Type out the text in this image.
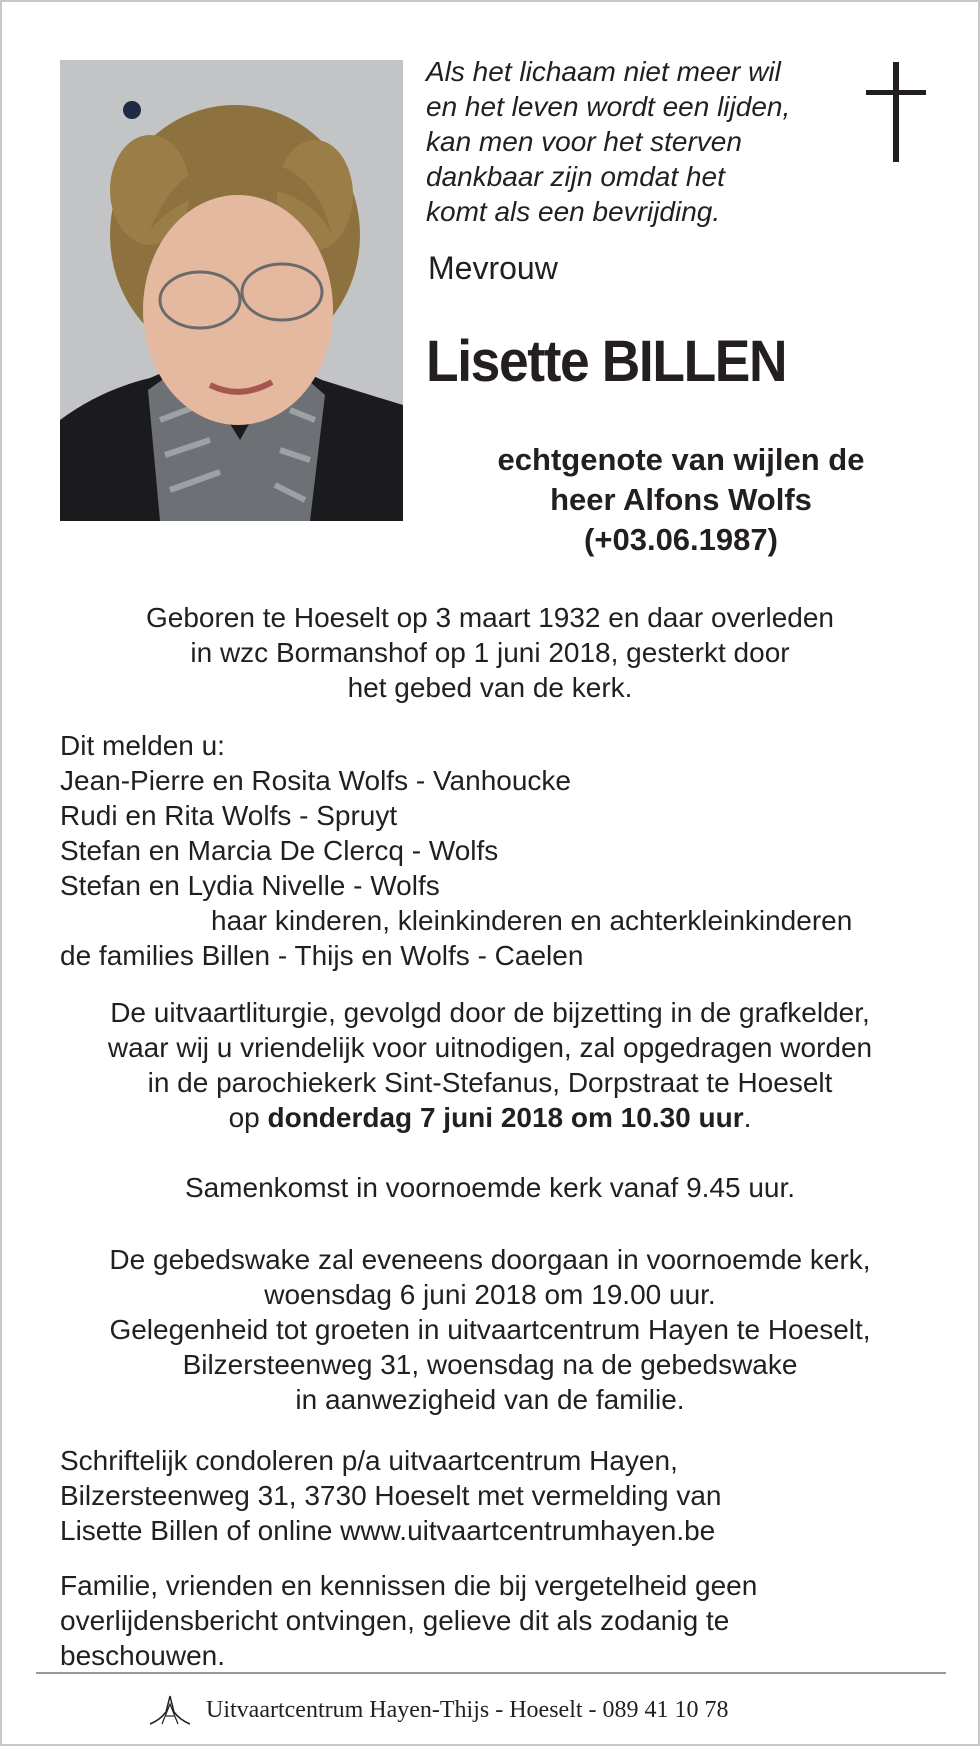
Als het lichaam niet meer wil
en het leven wordt een lijden,
kan men voor het sterven
dankbaar zijn omdat het
komt als een bevrijding.
Mevrouw
Lisette BILLEN
echtgenote van wijlen de
heer Alfons Wolfs
(+03.06.1987)
Geboren te Hoeselt op 3 maart 1932 en daar overleden
in wzc Bormanshof op 1 juni 2018, gesterkt door
het gebed van de kerk.
Dit melden u:
Jean-Pierre en Rosita Wolfs - Vanhoucke
Rudi en Rita Wolfs - Spruyt
Stefan en Marcia De Clercq - Wolfs
Stefan en Lydia Nivelle - Wolfs
haar kinderen, kleinkinderen en achterkleinkinderen
de families Billen - Thijs en Wolfs - Caelen
De uitvaartliturgie, gevolgd door de bijzetting in de grafkelder,
waar wij u vriendelijk voor uitnodigen, zal opgedragen worden
in de parochiekerk Sint-Stefanus, Dorpstraat te Hoeselt
op donderdag 7 juni 2018 om 10.30 uur.
Samenkomst in voornoemde kerk vanaf 9.45 uur.
De gebedswake zal eveneens doorgaan in voornoemde kerk,
woensdag 6 juni 2018 om 19.00 uur.
Gelegenheid tot groeten in uitvaartcentrum Hayen te Hoeselt,
Bilzersteenweg 31, woensdag na de gebedswake
in aanwezigheid van de familie.
Schriftelijk condoleren p/a uitvaartcentrum Hayen,
Bilzersteenweg 31, 3730 Hoeselt met vermelding van
Lisette Billen of online www.uitvaartcentrumhayen.be
Familie, vrienden en kennissen die bij vergetelheid geen
overlijdensbericht ontvingen, gelieve dit als zodanig te
beschouwen.
Uitvaartcentrum Hayen-Thijs - Hoeselt - 089 41 10 78
